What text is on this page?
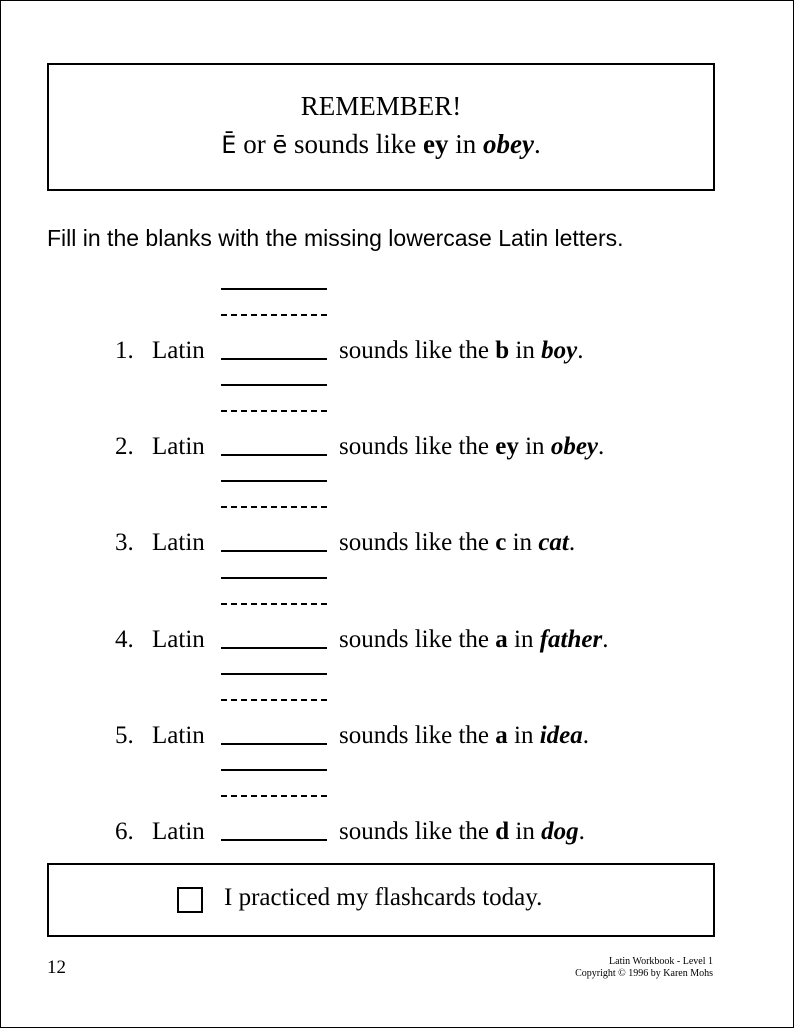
REMEMBER!
Ē or ē sounds like ey in obey.
Fill in the blanks with the missing lowercase Latin letters.
1. Latin	sounds like the b in boy.
2. Latin	sounds like the ey in obey.
3. Latin	sounds like the c in cat.
4. Latin	sounds like the a in father.
5. Latin	sounds like the a in idea.
6. Latin	sounds like the d in dog.
I practiced my flashcards today.
12	Latin Workbook - Level 1
Copyright © 1996 by Karen Mohs
